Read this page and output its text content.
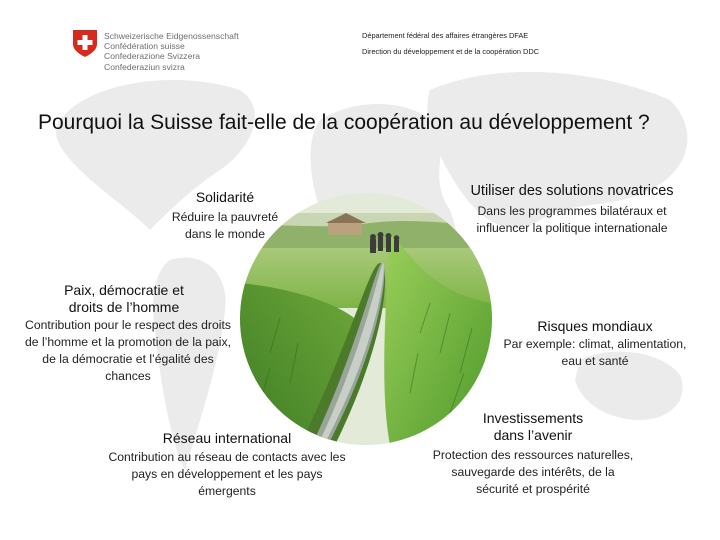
Schweizerische Eidgenossenschaft
Confédération suisse
Confederazione Svizzera
Confederaziun svizra
Département fédéral des affaires étrangères DFAE
Direction du développement et de la coopération DDC
Pourquoi la Suisse fait-elle de la coopération au développement ?
Solidarité
Réduire la pauvreté
dans le monde
Utiliser des solutions novatrices
Dans les programmes bilatéraux et
influencer la politique internationale
Paix, démocratie et
droits de l’homme
Contribution pour le respect des droits
de l’homme et la promotion de la paix,
de la démocratie et l’égalité des
chances
Risques mondiaux
Par exemple: climat, alimentation,
eau et santé
Réseau international
Contribution au réseau de contacts avec les
pays en développement et les pays
émergents
Investissements
dans l’avenir
Protection des ressources naturelles,
sauvegarde des intérêts, de la
sécurité et prospérité
